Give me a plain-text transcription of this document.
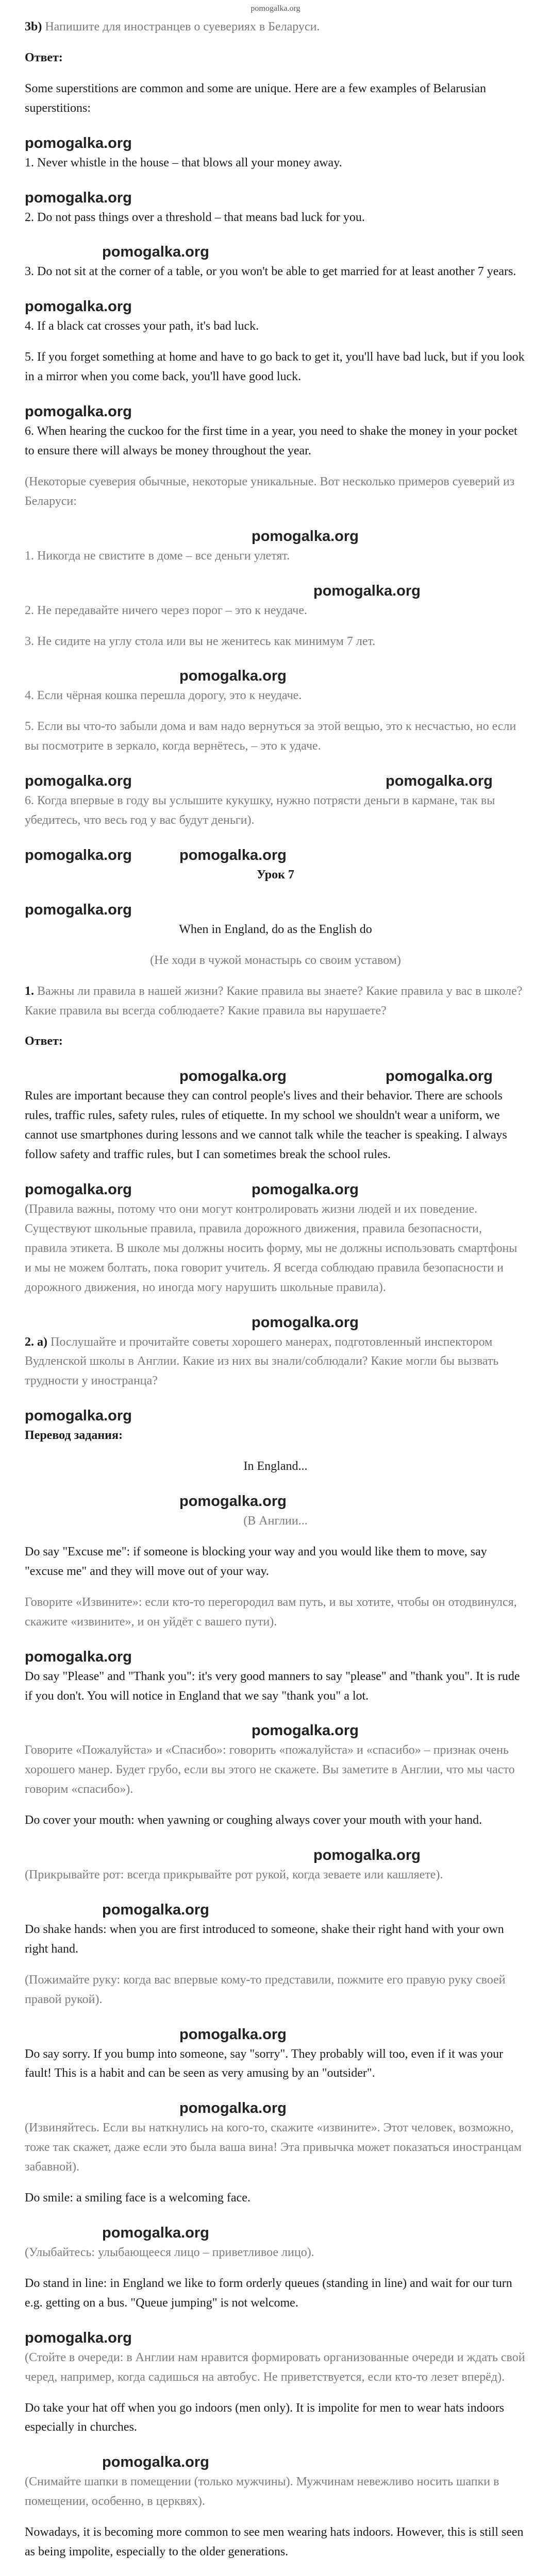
pomogalka.org

3b) Напишите для иностранцев о суевериях в Беларуси.

Ответ:

Some superstitions are common and some are unique. Here are a few examples of Belarusian superstitions:

pomogalka.org

1. Never whistle in the house – that blows all your money away.

pomogalka.org

2. Do not pass things over a threshold – that means bad luck for you.

pomogalka.org

3. Do not sit at the corner of a table, or you won't be able to get married for at least another 7 years.

pomogalka.org

4. If a black cat crosses your path, it's bad luck.

5. If you forget something at home and have to go back to get it, you'll have bad luck, but if you look in a mirror when you come back, you'll have good luck.

pomogalka.org

6. When hearing the cuckoo for the first time in a year, you need to shake the money in your pocket to ensure there will always be money throughout the year.

(Некоторые суеверия обычные, некоторые уникальные. Вот несколько примеров суеверий из Беларуси:

pomogalka.org

1. Никогда не свистите в доме – все деньги улетят.

pomogalka.org

2. Не передавайте ничего через порог – это к неудаче.

3. Не сидите на углу стола или вы не женитесь как минимум 7 лет.

pomogalka.org

4. Если чёрная кошка перешла дорогу, это к неудаче.

5. Если вы что-то забыли дома и вам надо вернуться за этой вещью, это к несчастью, но если вы посмотрите в зеркало, когда вернётесь, – это к удаче.

pomogalka.org	pomogalka.org

6. Когда впервые в году вы услышите кукушку, нужно потрясти деньги в кармане, так вы убедитесь, что весь год у вас будут деньги).

pomogalka.org	pomogalka.org

Урок 7

pomogalka.org

When in England, do as the English do

(Не ходи в чужой монастырь со своим уставом)

1. Важны ли правила в нашей жизни? Какие правила вы знаете? Какие правила у вас в школе? Какие правила вы всегда соблюдаете? Какие правила вы нарушаете?

Ответ:

pomogalka.org	pomogalka.org

Rules are important because they can control people's lives and their behavior. There are schools rules, traffic rules, safety rules, rules of etiquette. In my school we shouldn't wear a uniform, we cannot use smartphones during lessons and we cannot talk while the teacher is speaking. I always follow safety and traffic rules, but I can sometimes break the school rules.

pomogalka.org	pomogalka.org

(Правила важны, потому что они могут контролировать жизни людей и их поведение. Существуют школьные правила, правила дорожного движения, правила безопасности, правила этикета. В школе мы должны носить форму, мы не должны использовать смартфоны и мы не можем болтать, пока говорит учитель. Я всегда соблюдаю правила безопасности и дорожного движения, но иногда могу нарушить школьные правила).

pomogalka.org

2. a) Послушайте и прочитайте советы хорошего манерах, подготовленный инспектором Вудленской школы в Англии. Какие из них вы знали/соблюдали? Какие могли бы вызвать трудности у иностранца?

pomogalka.org

Перевод задания:

In England...

pomogalka.org

(В Англии...

Do say "Excuse me": if someone is blocking your way and you would like them to move, say "excuse me" and they will move out of your way.

Говорите «Извините»: если кто-то перегородил вам путь, и вы хотите, чтобы он отодвинулся, скажите «извините», и он уйдёт с вашего пути).

pomogalka.org

Do say "Please" and "Thank you": it's very good manners to say "please" and "thank you". It is rude if you don't. You will notice in England that we say "thank you" a lot.

pomogalka.org

Говорите «Пожалуйста» и «Спасибо»: говорить «пожалуйста» и «спасибо» – признак очень хорошего манер. Будет грубо, если вы этого не скажете. Вы заметите в Англии, что мы часто говорим «спасибо»).

Do cover your mouth: when yawning or coughing always cover your mouth with your hand.

pomogalka.org

(Прикрывайте рот: всегда прикрывайте рот рукой, когда зеваете или кашляете).

pomogalka.org

Do shake hands: when you are first introduced to someone, shake their right hand with your own right hand.

(Пожимайте руку: когда вас впервые кому-то представили, пожмите его правую руку своей правой рукой).

pomogalka.org

Do say sorry. If you bump into someone, say "sorry". They probably will too, even if it was your fault! This is a habit and can be seen as very amusing by an "outsider".

pomogalka.org

(Извиняйтесь. Если вы наткнулись на кого-то, скажите «извините». Этот человек, возможно, тоже так скажет, даже если это была ваша вина! Эта привычка может показаться иностранцам забавной).

Do smile: a smiling face is a welcoming face.

pomogalka.org

(Улыбайтесь: улыбающееся лицо – приветливое лицо).

Do stand in line: in England we like to form orderly queues (standing in line) and wait for our turn e.g. getting on a bus. "Queue jumping" is not welcome.

pomogalka.org

(Стойте в очереди: в Англии нам нравится формировать организованные очереди и ждать свой черед, например, когда садишься на автобус. Не приветствуется, если кто-то лезет вперёд).

Do take your hat off when you go indoors (men only). It is impolite for men to wear hats indoors especially in churches.

pomogalka.org

(Снимайте шапки в помещении (только мужчины). Мужчинам невежливо носить шапки в помещении, особенно, в церквях).

Nowadays, it is becoming more common to see men wearing hats indoors. However, this is still seen as being impolite, especially to the older generations.
